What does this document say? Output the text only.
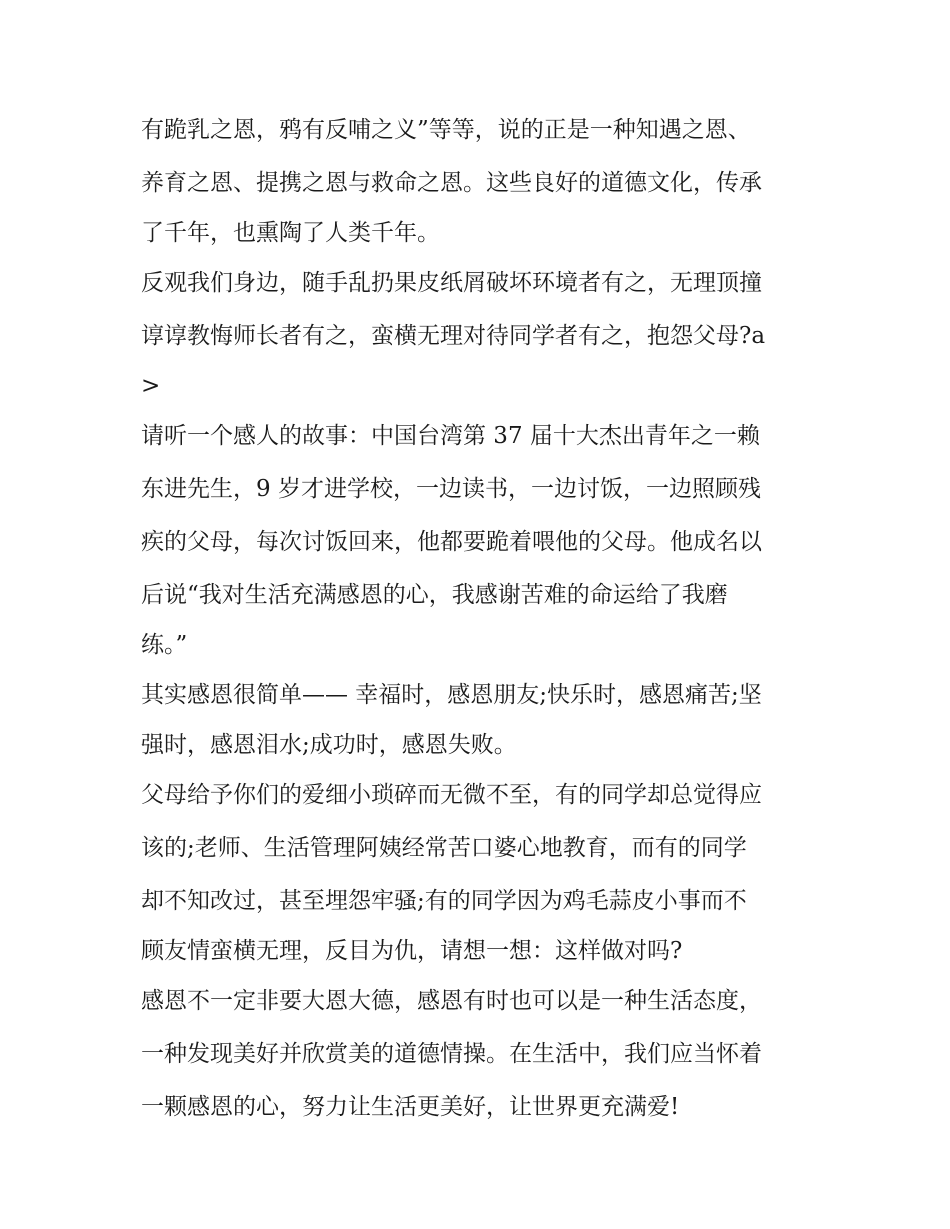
有跪乳之恩，鸦有反哺之义”等等，说的正是一种知遇之恩、
养育之恩、提携之恩与救命之恩。这些良好的道德文化，传承
了千年，也熏陶了人类千年。
反观我们身边，随手乱扔果皮纸屑破坏环境者有之，无理顶撞
谆谆教悔师长者有之，蛮横无理对待同学者有之，抱怨父母?a
>
请听一个感人的故事：中国台湾第 37 届十大杰出青年之一赖
东进先生，9 岁才进学校，一边读书，一边讨饭，一边照顾残
疾的父母，每次讨饭回来，他都要跪着喂他的父母。他成名以
后说“我对生活充满感恩的心，我感谢苦难的命运给了我磨
练。”
其实感恩很简单—— 幸福时，感恩朋友;快乐时，感恩痛苦;坚
强时，感恩泪水;成功时，感恩失败。
父母给予你们的爱细小琐碎而无微不至，有的同学却总觉得应
该的;老师、生活管理阿姨经常苦口婆心地教育，而有的同学
却不知改过，甚至埋怨牢骚;有的同学因为鸡毛蒜皮小事而不
顾友情蛮横无理，反目为仇，请想一想：这样做对吗?
感恩不一定非要大恩大德，感恩有时也可以是一种生活态度，
一种发现美好并欣赏美的道德情操。在生活中，我们应当怀着
一颗感恩的心，努力让生活更美好，让世界更充满爱!
